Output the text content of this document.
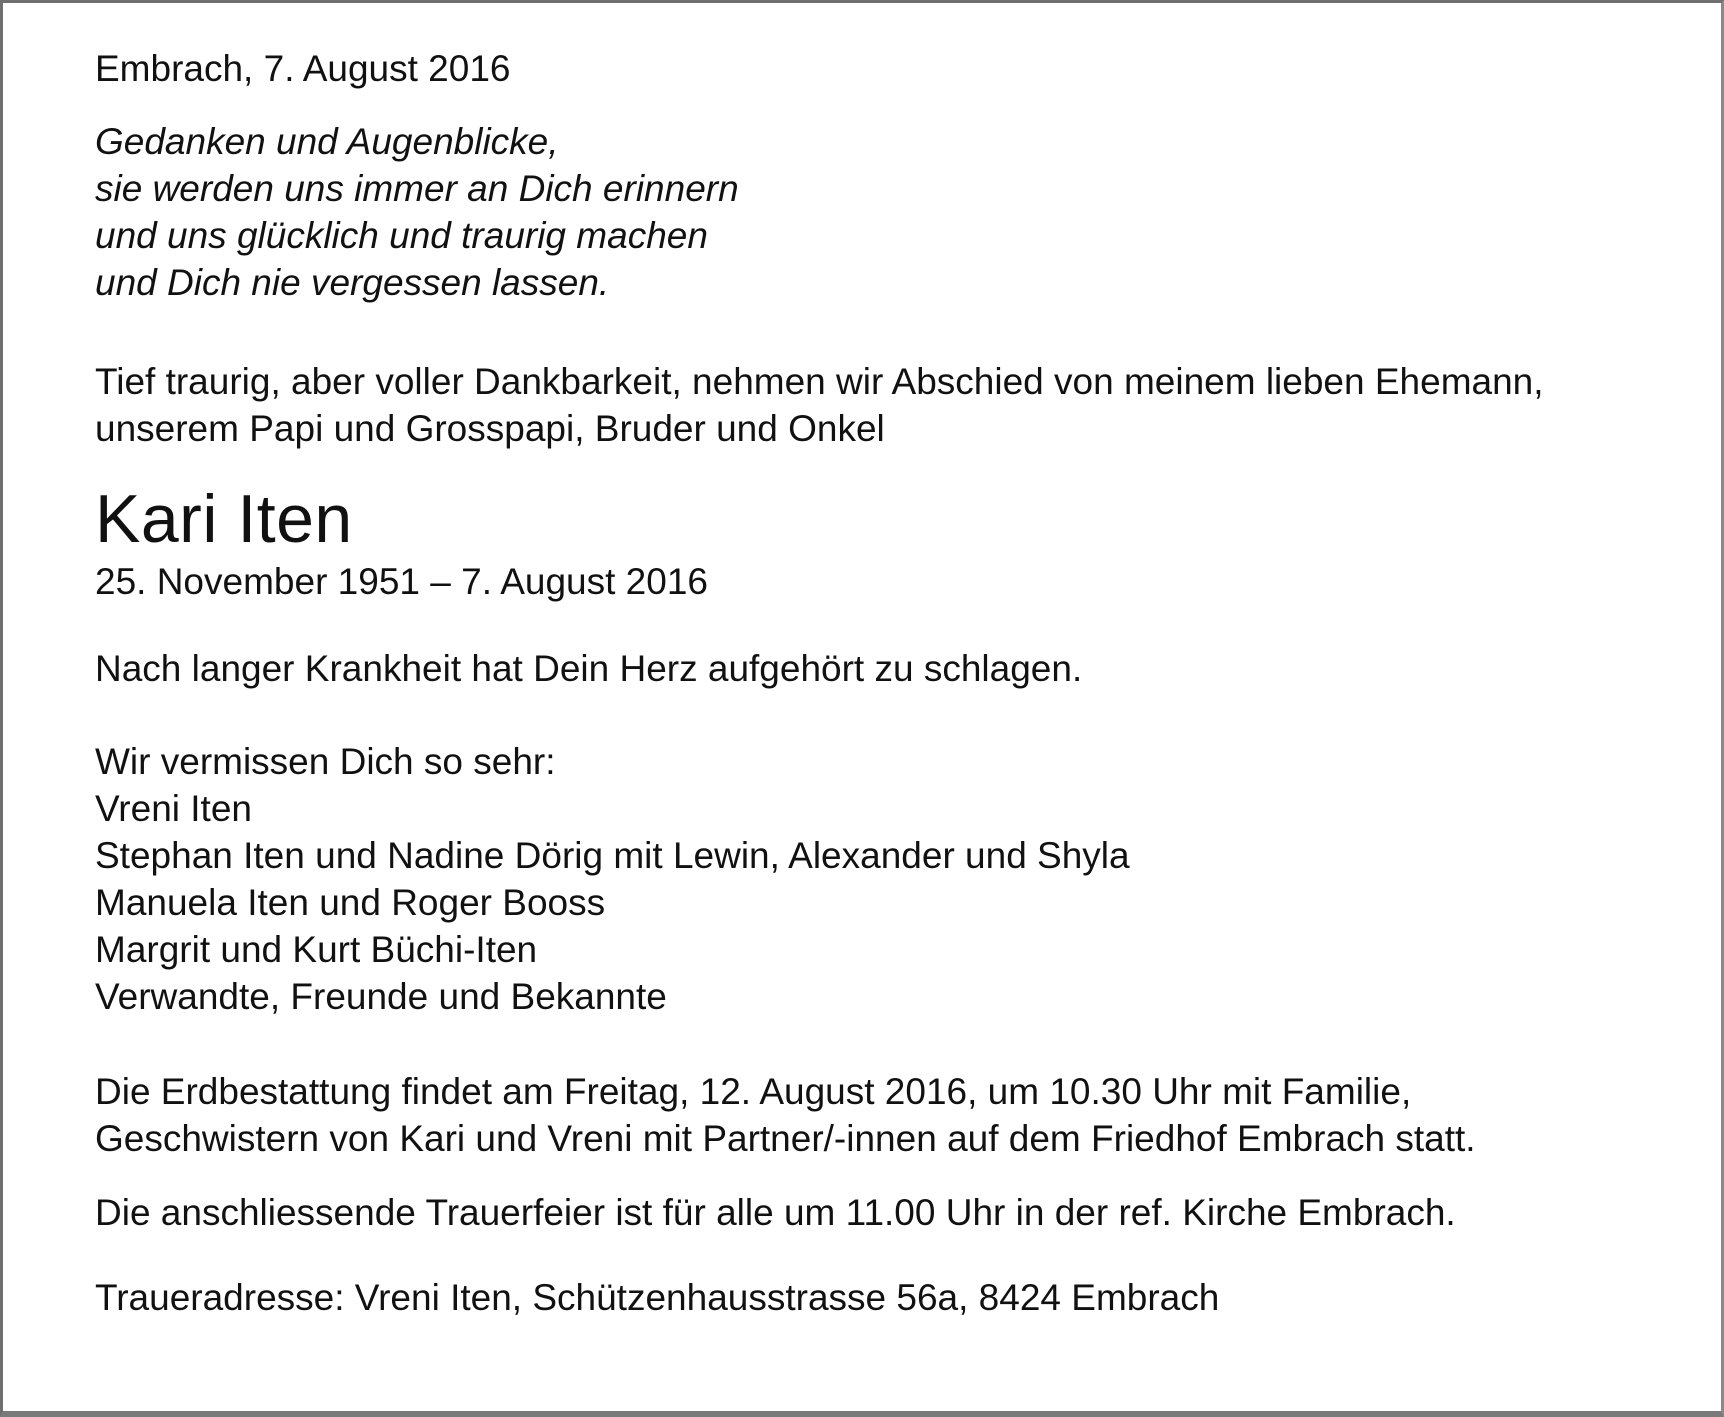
Embrach, 7. August 2016
Gedanken und Augenblicke,
sie werden uns immer an Dich erinnern
und uns glücklich und traurig machen
und Dich nie vergessen lassen.
Tief traurig, aber voller Dankbarkeit, nehmen wir Abschied von meinem lieben Ehemann,
unserem Papi und Grosspapi, Bruder und Onkel
Kari Iten
25. November 1951 – 7. August 2016
Nach langer Krankheit hat Dein Herz aufgehört zu schlagen.
Wir vermissen Dich so sehr:
Vreni Iten
Stephan Iten und Nadine Dörig mit Lewin, Alexander und Shyla
Manuela Iten und Roger Booss
Margrit und Kurt Büchi-Iten
Verwandte, Freunde und Bekannte
Die Erdbestattung findet am Freitag, 12. August 2016, um 10.30 Uhr mit Familie,
Geschwistern von Kari und Vreni mit Partner/-innen auf dem Friedhof Embrach statt.
Die anschliessende Trauerfeier ist für alle um 11.00 Uhr in der ref. Kirche Embrach.
Traueradresse: Vreni Iten, Schützenhausstrasse 56a, 8424 Embrach
